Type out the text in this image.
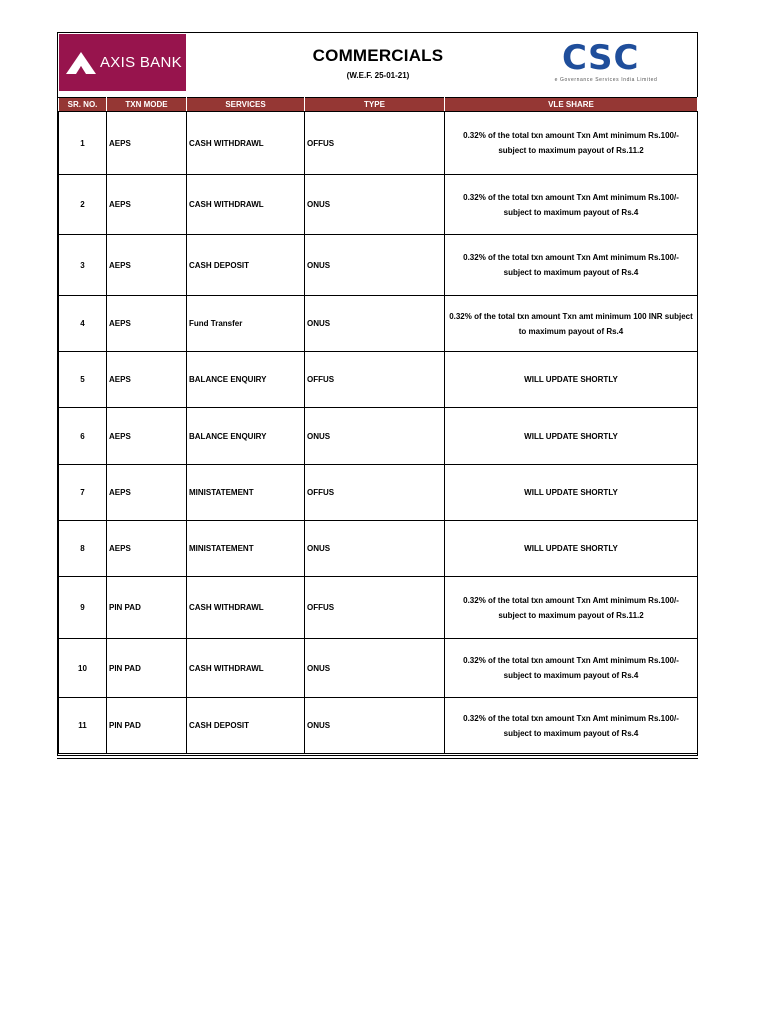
AXIS BANK	COMMERCIALS
(W.E.F. 25-01-21)	C S C
e Governance Services India Limited
SR. NO.	TXN MODE	SERVICES	TYPE	VLE SHARE
1	AEPS	CASH WITHDRAWL	OFFUS	0.32% of the total txn amount Txn Amt minimum Rs.100/- subject to maximum payout of Rs.11.2
2	AEPS	CASH WITHDRAWL	ONUS	0.32% of the total txn amount Txn Amt minimum Rs.100/- subject to maximum payout of Rs.4
3	AEPS	CASH DEPOSIT	ONUS	0.32% of the total txn amount Txn Amt minimum Rs.100/- subject to maximum payout of Rs.4
4	AEPS	Fund Transfer	ONUS	0.32% of the total txn amount Txn amt minimum 100 INR subject to maximum payout of Rs.4
5	AEPS	BALANCE ENQUIRY	OFFUS	WILL UPDATE SHORTLY
6	AEPS	BALANCE ENQUIRY	ONUS	WILL UPDATE SHORTLY
7	AEPS	MINISTATEMENT	OFFUS	WILL UPDATE SHORTLY
8	AEPS	MINISTATEMENT	ONUS	WILL UPDATE SHORTLY
9	PIN PAD	CASH WITHDRAWL	OFFUS	0.32% of the total txn amount Txn Amt minimum Rs.100/- subject to maximum payout of Rs.11.2
10	PIN PAD	CASH WITHDRAWL	ONUS	0.32% of the total txn amount Txn Amt minimum Rs.100/- subject to maximum payout of Rs.4
11	PIN PAD	CASH DEPOSIT	ONUS	0.32% of the total txn amount Txn Amt minimum Rs.100/- subject to maximum payout of Rs.4
